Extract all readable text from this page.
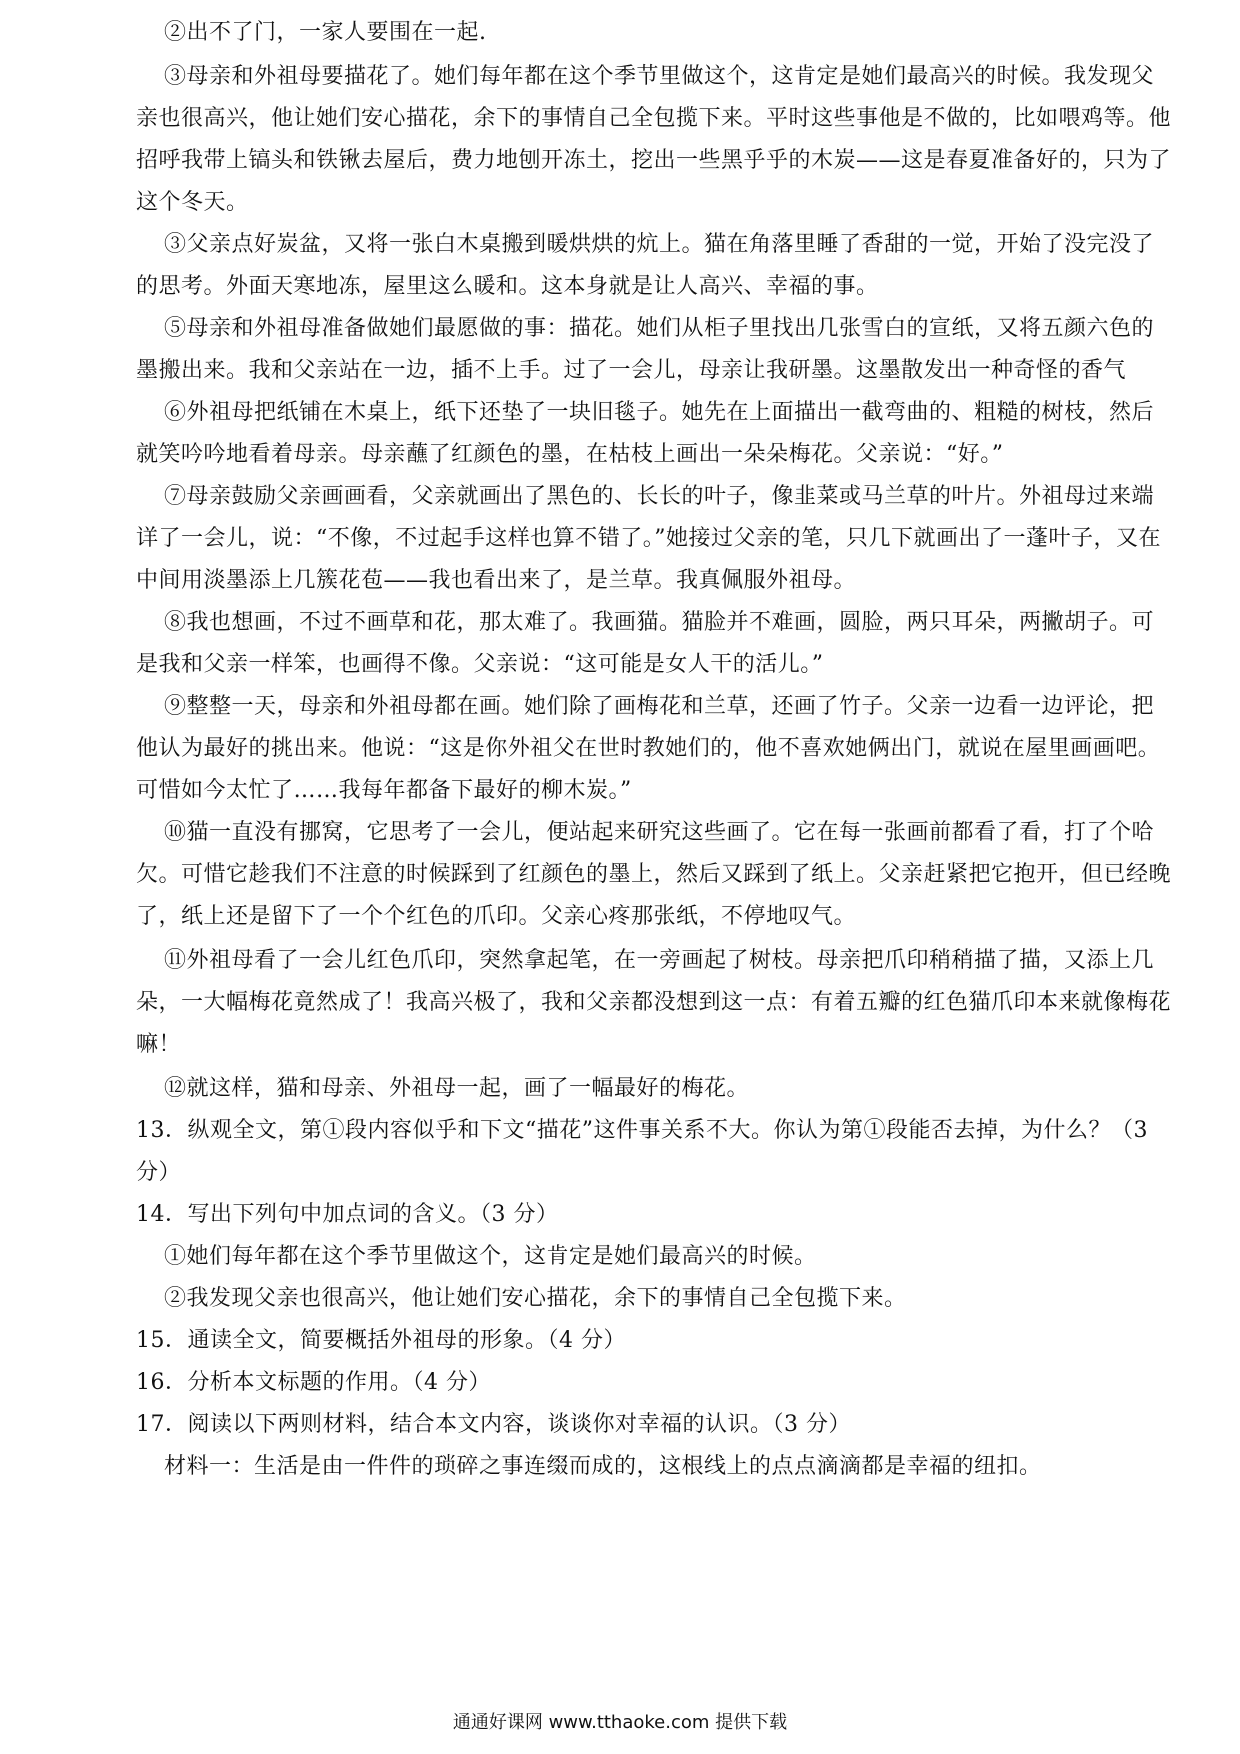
②出不了门，一家人要围在一起.
③母亲和外祖母要描花了。她们每年都在这个季节里做这个，这肯定是她们最高兴的时候。我发现父
亲也很高兴，他让她们安心描花，余下的事情自己全包揽下来。平时这些事他是不做的，比如喂鸡等。他
招呼我带上镐头和铁锹去屋后，费力地刨开冻土，挖出一些黑乎乎的木炭——这是春夏准备好的，只为了
这个冬天。
③父亲点好炭盆，又将一张白木桌搬到暖烘烘的炕上。猫在角落里睡了香甜的一觉，开始了没完没了
的思考。外面天寒地冻，屋里这么暖和。这本身就是让人高兴、幸福的事。
⑤母亲和外祖母准备做她们最愿做的事：描花。她们从柜子里找出几张雪白的宣纸，又将五颜六色的
墨搬出来。我和父亲站在一边，插不上手。过了一会儿，母亲让我研墨。这墨散发出一种奇怪的香气
⑥外祖母把纸铺在木桌上，纸下还垫了一块旧毯子。她先在上面描出一截弯曲的、粗糙的树枝，然后
就笑吟吟地看着母亲。母亲蘸了红颜色的墨，在枯枝上画出一朵朵梅花。父亲说：“好。”
⑦母亲鼓励父亲画画看，父亲就画出了黑色的、长长的叶子，像韭菜或马兰草的叶片。外祖母过来端
详了一会儿，说：“不像，不过起手这样也算不错了。”她接过父亲的笔，只几下就画出了一蓬叶子，又在
中间用淡墨添上几簇花苞——我也看出来了，是兰草。我真佩服外祖母。
⑧我也想画，不过不画草和花，那太难了。我画猫。猫脸并不难画，圆脸，两只耳朵，两撇胡子。可
是我和父亲一样笨，也画得不像。父亲说：“这可能是女人干的活儿。”
⑨整整一天，母亲和外祖母都在画。她们除了画梅花和兰草，还画了竹子。父亲一边看一边评论，把
他认为最好的挑出来。他说：“这是你外祖父在世时教她们的，他不喜欢她俩出门，就说在屋里画画吧。
可惜如今太忙了……我每年都备下最好的柳木炭。”
⑩猫一直没有挪窝，它思考了一会儿，便站起来研究这些画了。它在每一张画前都看了看，打了个哈
欠。可惜它趁我们不注意的时候踩到了红颜色的墨上，然后又踩到了纸上。父亲赶紧把它抱开，但已经晚
了，纸上还是留下了一个个红色的爪印。父亲心疼那张纸，不停地叹气。
⑪外祖母看了一会儿红色爪印，突然拿起笔，在一旁画起了树枝。母亲把爪印稍稍描了描，又添上几
朵，一大幅梅花竟然成了！我高兴极了，我和父亲都没想到这一点：有着五瓣的红色猫爪印本来就像梅花
嘛！
⑫就这样，猫和母亲、外祖母一起，画了一幅最好的梅花。
13．纵观全文，第①段内容似乎和下文“描花”这件事关系不大。你认为第①段能否去掉，为什么？（3
分）
14．写出下列句中加点词的含义。（3 分）
①她们每年都在这个季节里做这个，这肯定是她们最高兴的时候。
②我发现父亲也很高兴，他让她们安心描花，余下的事情自己全包揽下来。
15．通读全文，简要概括外祖母的形象。（4 分）
16．分析本文标题的作用。（4 分）
17．阅读以下两则材料，结合本文内容，谈谈你对幸福的认识。（3 分）
材料一：生活是由一件件的琐碎之事连缀而成的，这根线上的点点滴滴都是幸福的纽扣。
通通好课网 www.tthaoke.com 提供下载
